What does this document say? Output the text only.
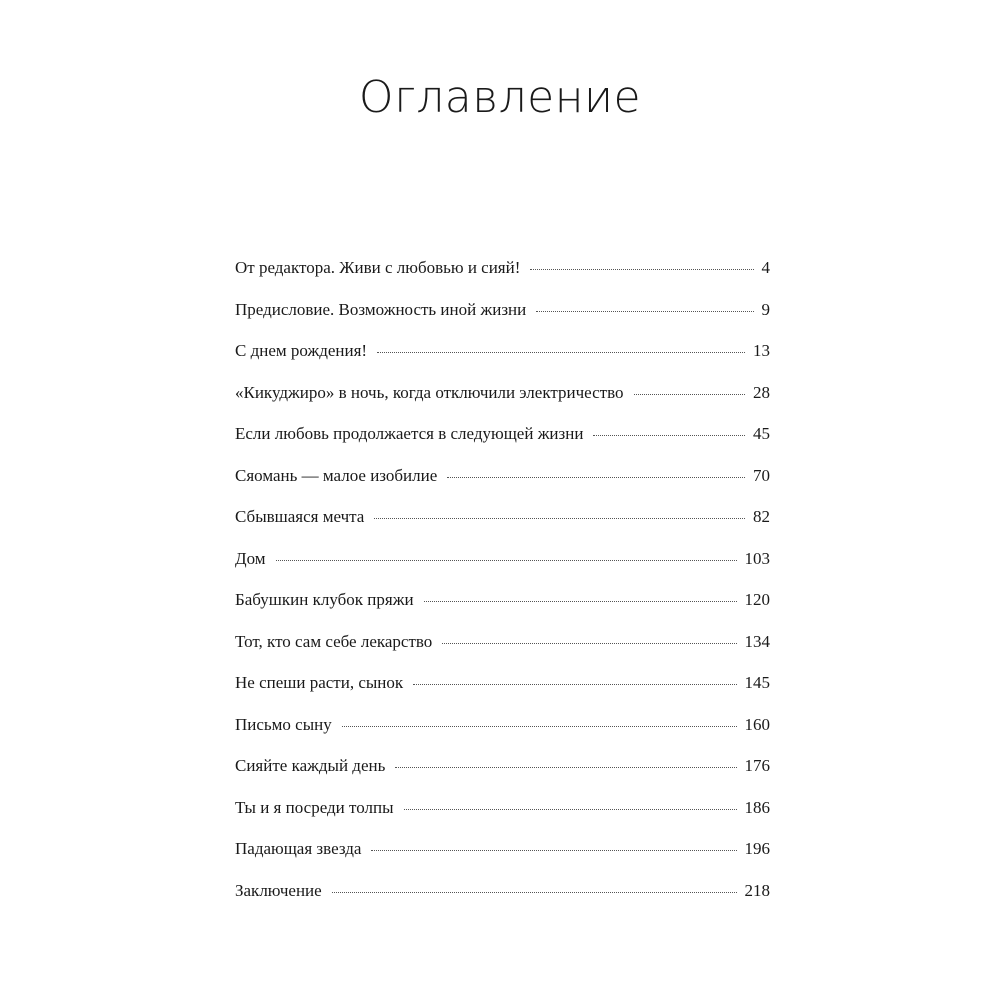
Оглавление
От редактора. Живи с любовью и сияй!	4
Предисловие. Возможность иной жизни	9
С днем рождения!	13
«Кикуджиро» в ночь, когда отключили электричество	28
Если любовь продолжается в следующей жизни	45
Сяомань — малое изобилие	70
Сбывшаяся мечта	82
Дом	103
Бабушкин клубок пряжи	120
Тот, кто сам себе лекарство	134
Не спеши расти, сынок	145
Письмо сыну	160
Сияйте каждый день	176
Ты и я посреди толпы	186
Падающая звезда	196
Заключение	218
